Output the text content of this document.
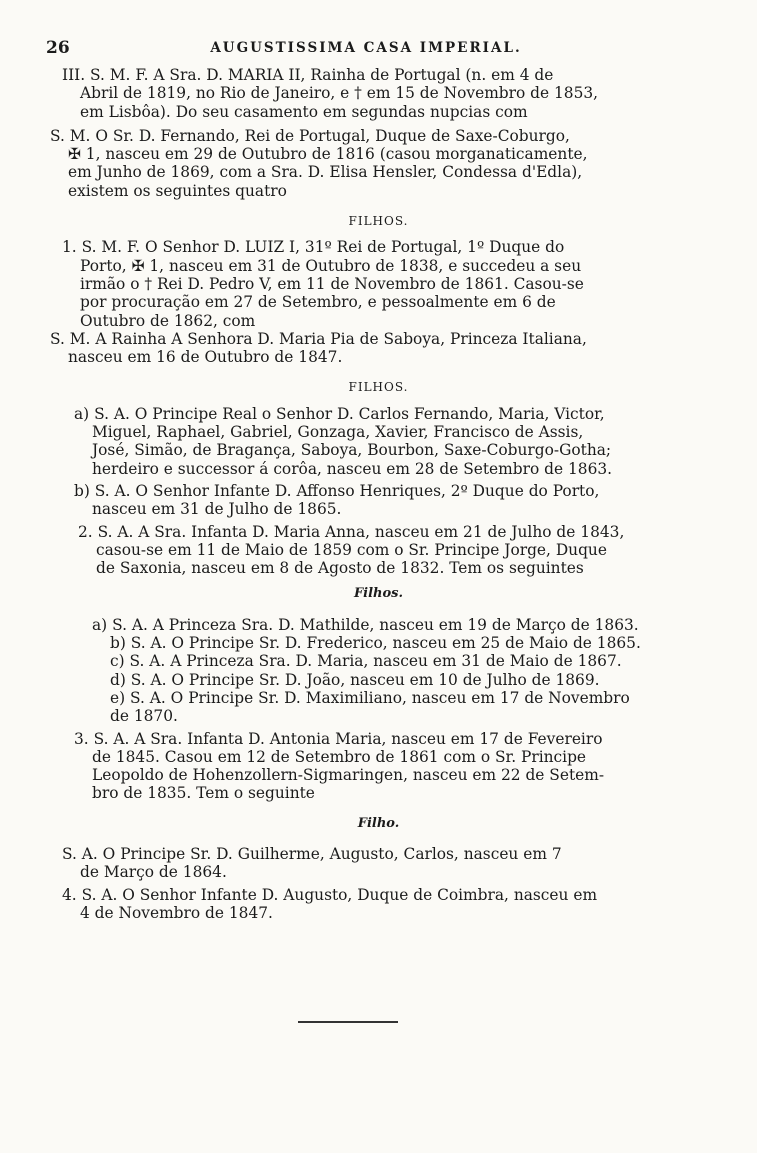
26	AUGUSTISSIMA CASA IMPERIAL.
III. S. M. F. A Sra. D. MARIA II, Rainha de Portugal (n. em 4 de
Abril de 1819, no Rio de Janeiro, e † em 15 de Novembro de 1853,
em Lisbôa). Do seu casamento em segundas nupcias com
S. M. O Sr. D. Fernando, Rei de Portugal, Duque de Saxe-Coburgo,
✠ 1, nasceu em 29 de Outubro de 1816 (casou morganaticamente,
em Junho de 1869, com a Sra. D. Elisa Hensler, Condessa d'Edla),
existem os seguintes quatro
FILHOS.
1. S. M. F. O Senhor D. LUIZ I, 31º Rei de Portugal, 1º Duque do
Porto, ✠ 1, nasceu em 31 de Outubro de 1838, e succedeu a seu
irmão o † Rei D. Pedro V, em 11 de Novembro de 1861. Casou-se
por procuração em 27 de Setembro, e pessoalmente em 6 de
Outubro de 1862, com
S. M. A Rainha A Senhora D. Maria Pia de Saboya, Princeza Italiana,
nasceu em 16 de Outubro de 1847.
FILHOS.
a) S. A. O Principe Real o Senhor D. Carlos Fernando, Maria, Victor,
Miguel, Raphael, Gabriel, Gonzaga, Xavier, Francisco de Assis,
José, Simão, de Bragança, Saboya, Bourbon, Saxe-Coburgo-Gotha;
herdeiro e successor á corôa, nasceu em 28 de Setembro de 1863.
b) S. A. O Senhor Infante D. Affonso Henriques, 2º Duque do Porto,
nasceu em 31 de Julho de 1865.
2. S. A. A Sra. Infanta D. Maria Anna, nasceu em 21 de Julho de 1843,
casou-se em 11 de Maio de 1859 com o Sr. Principe Jorge, Duque
de Saxonia, nasceu em 8 de Agosto de 1832. Tem os seguintes
Filhos.
a) S. A. A Princeza Sra. D. Mathilde, nasceu em 19 de Março de 1863.
b) S. A. O Principe Sr. D. Frederico, nasceu em 25 de Maio de 1865.
c) S. A. A Princeza Sra. D. Maria, nasceu em 31 de Maio de 1867.
d) S. A. O Principe Sr. D. João, nasceu em 10 de Julho de 1869.
e) S. A. O Principe Sr. D. Maximiliano, nasceu em 17 de Novembro
de 1870.
3. S. A. A Sra. Infanta D. Antonia Maria, nasceu em 17 de Fevereiro
de 1845. Casou em 12 de Setembro de 1861 com o Sr. Principe
Leopoldo de Hohenzollern-Sigmaringen, nasceu em 22 de Setem-
bro de 1835. Tem o seguinte
Filho.
S. A. O Principe Sr. D. Guilherme, Augusto, Carlos, nasceu em 7
de Março de 1864.
4. S. A. O Senhor Infante D. Augusto, Duque de Coimbra, nasceu em
4 de Novembro de 1847.
